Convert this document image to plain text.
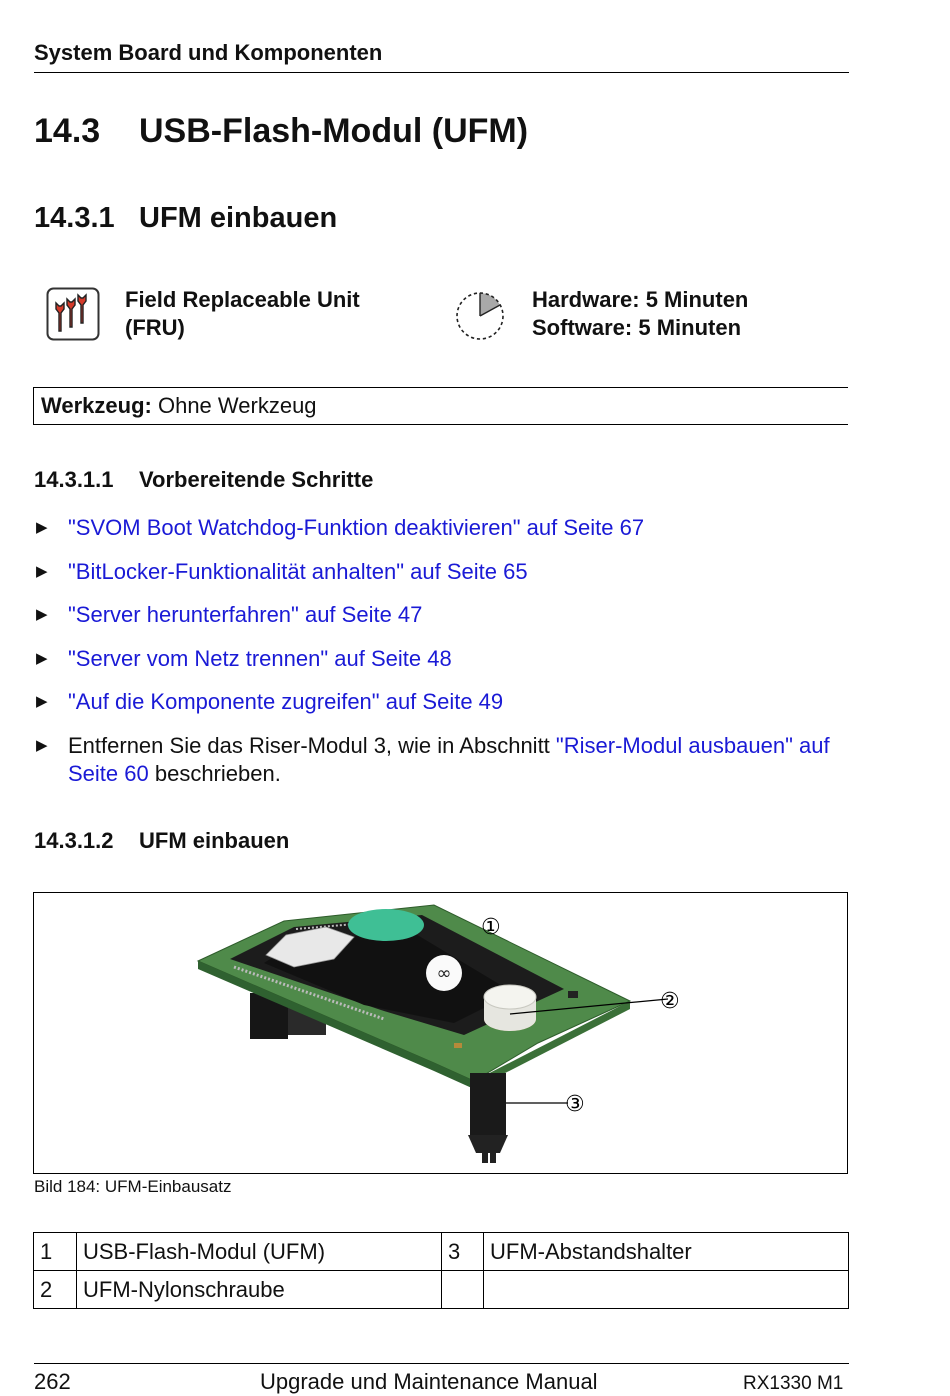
System Board und Komponenten
14.3 USB-Flash-Modul (UFM)
14.3.1 UFM einbauen
Field Replaceable Unit
(FRU)
Hardware: 5 Minuten
Software: 5 Minuten
Werkzeug: Ohne Werkzeug
14.3.1.1 Vorbereitende Schritte
▶ "SVOM Boot Watchdog-Funktion deaktivieren" auf Seite 67
▶ "BitLocker-Funktionalität anhalten" auf Seite 65
▶ "Server herunterfahren" auf Seite 47
▶ "Server vom Netz trennen" auf Seite 48
▶ "Auf die Komponente zugreifen" auf Seite 49
▶ Entfernen Sie das Riser-Modul 3, wie in Abschnitt "Riser-Modul ausbauen" auf Seite 60 beschrieben.
14.3.1.2 UFM einbauen
∞
①
②
③
Bild 184: UFM-Einbausatz
1	USB-Flash-Modul (UFM)	3	UFM-Abstandshalter
2	UFM-Nylonschraube		
262	Upgrade und Maintenance Manual	RX1330 M1
